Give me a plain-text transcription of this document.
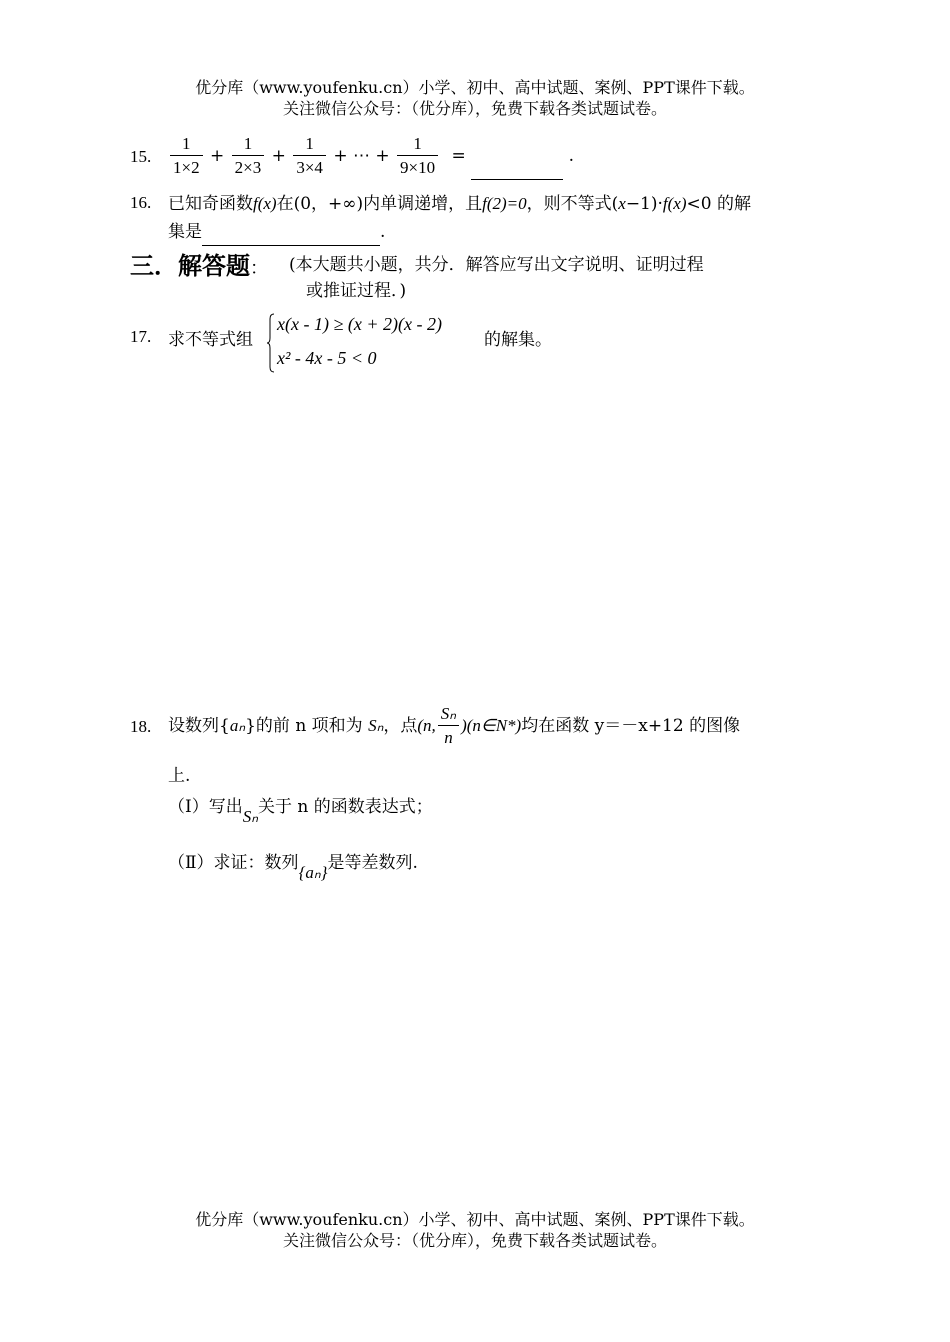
优分库（www.youfenku.cn）小学、初中、高中试题、案例、PPT课件下载。
关注微信公众号：（优分库），免费下载各类试题试卷。
15. $\frac{1}{1\times 2} + \frac{1}{2\times 3} + \frac{1}{3\times 4}$ + ⋯ + $\frac{1}{9\times 10}$ =	.
16. 已知奇函数f(x)在(0，+∞)内单调递增，且f(2)=0，则不等式(x−1)·f(x)<0 的解
集是	.
三．解答题： (本大题共小题，共分．解答应写出文字说明、证明过程
或推证过程．)
17. 求不等式组
x(x - 1) ≥ (x + 2)(x - 2)
x² - 4x - 5 < 0
的解集。
18. 设数列{aₙ}的前 n 项和为 Sₙ，点(n, $\frac{\text{Sₙ}}{n}$ )(n∈N*)均在函数 y＝－x+12 的图像
上.
（Ⅰ）写出Sₙ关于 n 的函数表达式；
（Ⅱ）求证：数列{aₙ}是等差数列.
优分库（www.youfenku.cn）小学、初中、高中试题、案例、PPT课件下载。
关注微信公众号：（优分库），免费下载各类试题试卷。
